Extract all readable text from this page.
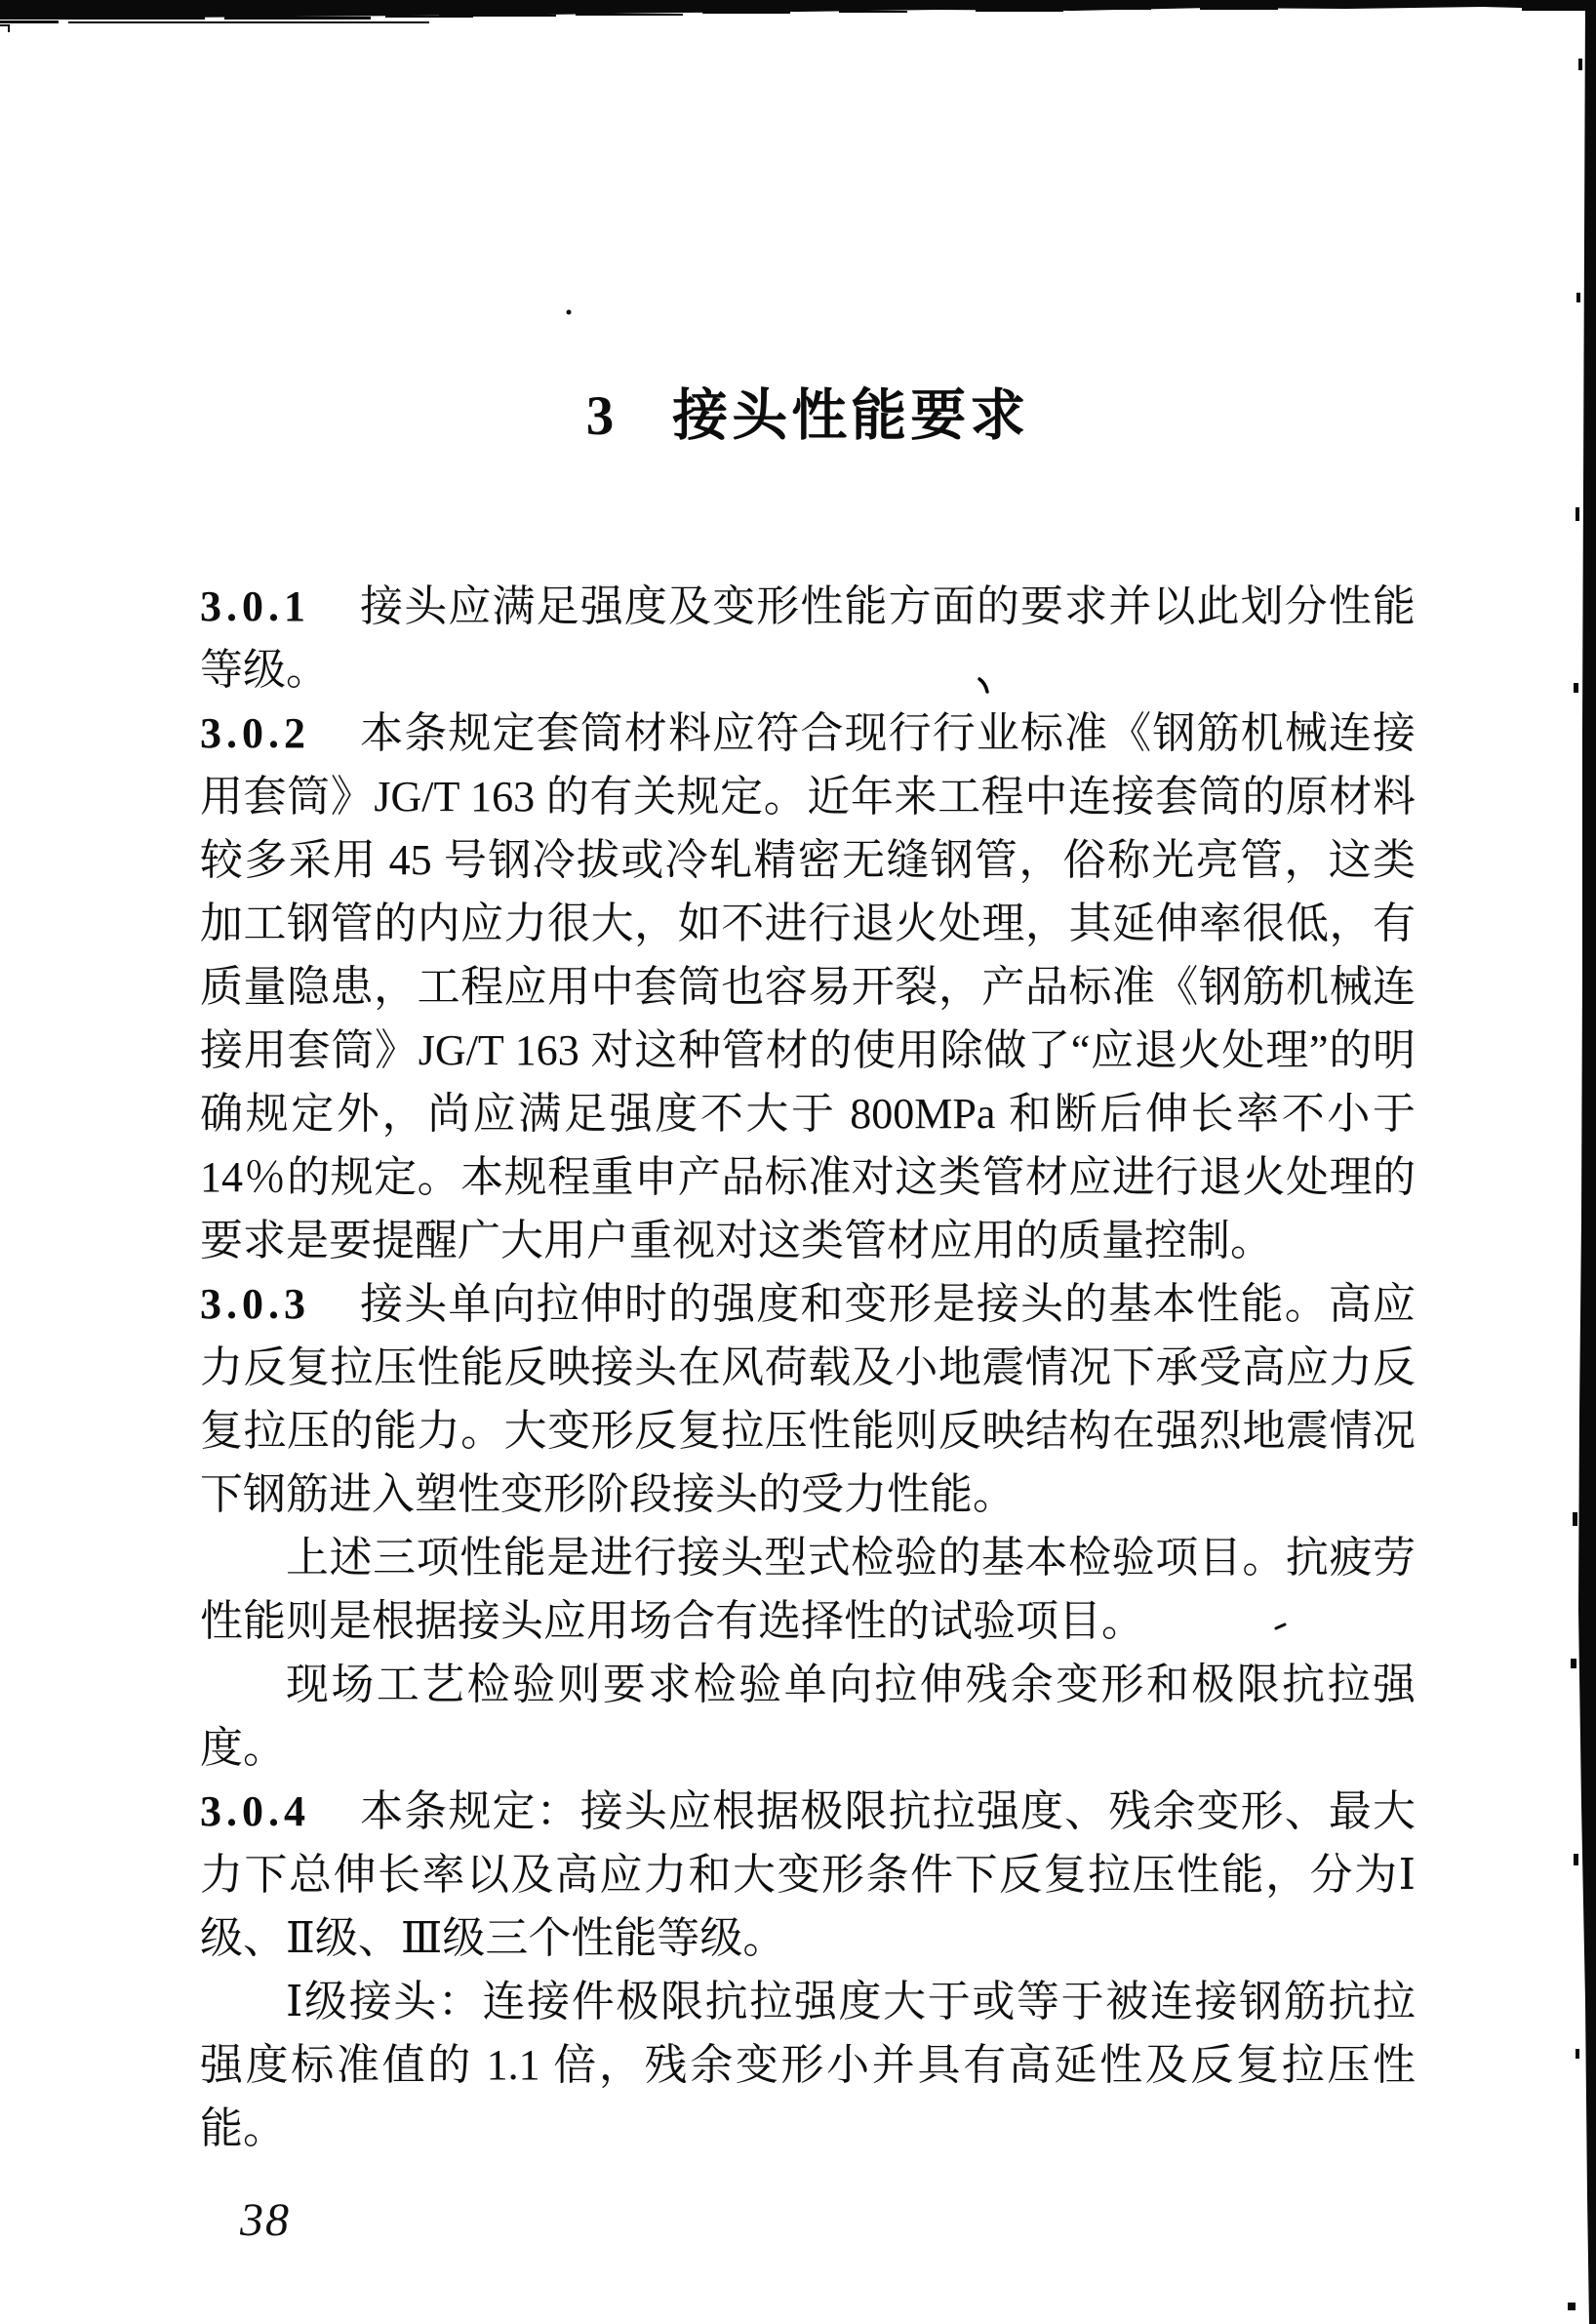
3 接头性能要求

3.0.1 接头应满足强度及变形性能方面的要求并以此划分性能等级。

3.0.2 本条规定套筒材料应符合现行行业标准《钢筋机械连接用套筒》JG/T 163 的有关规定。近年来工程中连接套筒的原材料较多采用 45 号钢冷拔或冷轧精密无缝钢管，俗称光亮管，这类加工钢管的内应力很大，如不进行退火处理，其延伸率很低，有质量隐患，工程应用中套筒也容易开裂，产品标准《钢筋机械连接用套筒》JG/T 163 对这种管材的使用除做了“应退火处理”的明确规定外，尚应满足强度不大于 800MPa 和断后伸长率不小于 14％的规定。本规程重申产品标准对这类管材应进行退火处理的要求是要提醒广大用户重视对这类管材应用的质量控制。

3.0.3 接头单向拉伸时的强度和变形是接头的基本性能。高应力反复拉压性能反映接头在风荷载及小地震情况下承受高应力反复拉压的能力。大变形反复拉压性能则反映结构在强烈地震情况下钢筋进入塑性变形阶段接头的受力性能。

上述三项性能是进行接头型式检验的基本检验项目。抗疲劳性能则是根据接头应用场合有选择性的试验项目。

现场工艺检验则要求检验单向拉伸残余变形和极限抗拉强度。

3.0.4 本条规定：接头应根据极限抗拉强度、残余变形、最大力下总伸长率以及高应力和大变形条件下反复拉压性能，分为Ⅰ级、Ⅱ级、Ⅲ级三个性能等级。

Ⅰ级接头：连接件极限抗拉强度大于或等于被连接钢筋抗拉强度标准值的 1.1 倍，残余变形小并具有高延性及反复拉压性能。

38
